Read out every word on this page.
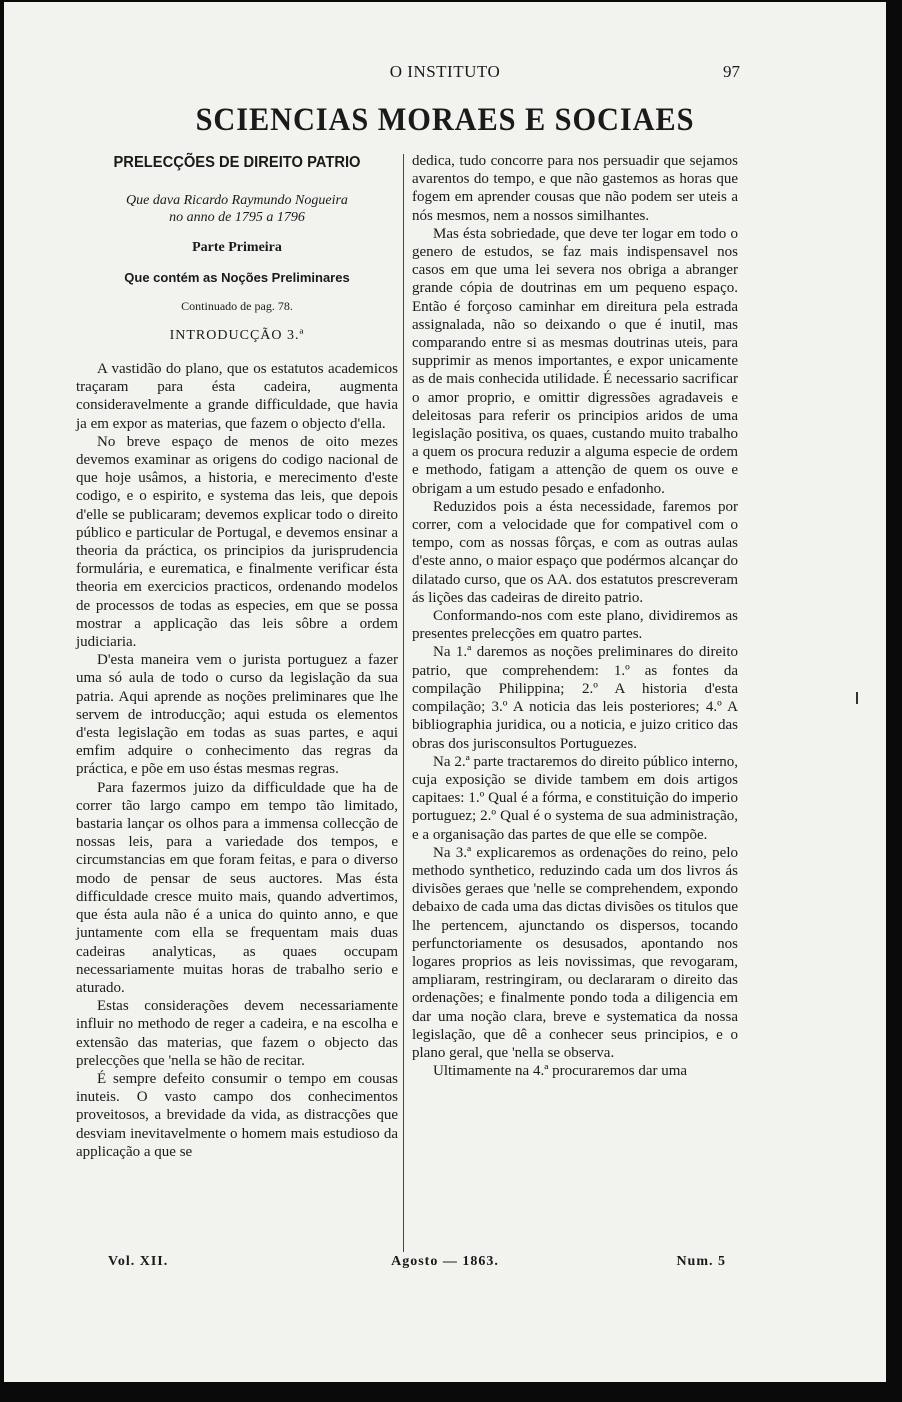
O INSTITUTO	97
SCIENCIAS MORAES E SOCIAES
PRELECÇÕES DE DIREITO PATRIO
Que dava Ricardo Raymundo Nogueira
no anno de 1795 a 1796
Parte Primeira
Que contém as Noções Preliminares
Continuado de pag. 78.
INTRODUCÇÃO 3.ª

A vastidão do plano, que os estatutos academicos traçaram para ésta cadeira, augmenta consideravelmente a grande difficuldade, que havia ja em expor as materias, que fazem o objecto d'ella.

No breve espaço de menos de oito mezes devemos examinar as origens do codigo nacional de que hoje usâmos, a historia, e merecimento d'este codigo, e o espirito, e systema das leis, que depois d'elle se publicaram; devemos explicar todo o direito público e particular de Portugal, e devemos ensinar a theoria da práctica, os principios da jurisprudencia formulária, e eurematica, e finalmente verificar ésta theoria em exercicios practicos, ordenando modelos de processos de todas as especies, em que se possa mostrar a applicação das leis sôbre a ordem judiciaria.

D'esta maneira vem o jurista portuguez a fazer uma só aula de todo o curso da legislação da sua patria. Aqui aprende as noções preliminares que lhe servem de introducção; aqui estuda os elementos d'esta legislação em todas as suas partes, e aqui emfim adquire o conhecimento das regras da práctica, e põe em uso éstas mesmas regras.

Para fazermos juizo da difficuldade que ha de correr tão largo campo em tempo tão limitado, bastaria lançar os olhos para a immensa collecção de nossas leis, para a variedade dos tempos, e circumstancias em que foram feitas, e para o diverso modo de pensar de seus auctores. Mas ésta difficuldade cresce muito mais, quando advertimos, que ésta aula não é a unica do quinto anno, e que juntamente com ella se frequentam mais duas cadeiras analyticas, as quaes occupam necessariamente muitas horas de trabalho serio e aturado.

Estas considerações devem necessariamente influir no methodo de reger a cadeira, e na escolha e extensão das materias, que fazem o objecto das prelecções que 'nella se hão de recitar.

É sempre defeito consumir o tempo em cousas inuteis. O vasto campo dos conhecimentos proveitosos, a brevidade da vida, as distracções que desviam inevitavelmente o homem mais estudioso da applicação a que se

dedica, tudo concorre para nos persuadir que sejamos avarentos do tempo, e que não gastemos as horas que fogem em aprender cousas que não podem ser uteis a nós mesmos, nem a nossos similhantes.

Mas ésta sobriedade, que deve ter logar em todo o genero de estudos, se faz mais indispensavel nos casos em que uma lei severa nos obriga a abranger grande cópia de doutrinas em um pequeno espaço. Então é forçoso caminhar em direitura pela estrada assignalada, não so deixando o que é inutil, mas comparando entre si as mesmas doutrinas uteis, para supprimir as menos importantes, e expor unicamente as de mais conhecida utilidade. É necessario sacrificar o amor proprio, e omittir digressões agradaveis e deleitosas para referir os principios aridos de uma legislação positiva, os quaes, custando muito trabalho a quem os procura reduzir a alguma especie de ordem e methodo, fatigam a attenção de quem os ouve e obrigam a um estudo pesado e enfadonho.

Reduzidos pois a ésta necessidade, faremos por correr, com a velocidade que for compativel com o tempo, com as nossas fôrças, e com as outras aulas d'este anno, o maior espaço que podérmos alcançar do dilatado curso, que os AA. dos estatutos prescreveram ás lições das cadeiras de direito patrio.

Conformando-nos com este plano, dividiremos as presentes prelecções em quatro partes.

Na 1.ª daremos as noções preliminares do direito patrio, que comprehendem: 1.º as fontes da compilação Philippina; 2.º A historia d'esta compilação; 3.º A noticia das leis posteriores; 4.º A bibliographia juridica, ou a noticia, e juizo critico das obras dos jurisconsultos Portuguezes.

Na 2.ª parte tractaremos do direito público interno, cuja exposição se divide tambem em dois artigos capitaes: 1.º Qual é a fórma, e constituição do imperio portuguez; 2.º Qual é o systema de sua administração, e a organisação das partes de que elle se compõe.

Na 3.ª explicaremos as ordenações do reino, pelo methodo synthetico, reduzindo cada um dos livros ás divisões geraes que 'nelle se comprehendem, expondo debaixo de cada uma das dictas divisões os titulos que lhe pertencem, ajunctando os dispersos, tocando perfunctoriamente os desusados, apontando nos logares proprios as leis novissimas, que revogaram, ampliaram, restringiram, ou declararam o direito das ordenações; e finalmente pondo toda a diligencia em dar uma noção clara, breve e systematica da nossa legislação, que dê a conhecer seus principios, e o plano geral, que 'nella se observa.

Ultimamente na 4.ª procuraremos dar uma

Vol. XII.	Agosto — 1863.	Num. 5
